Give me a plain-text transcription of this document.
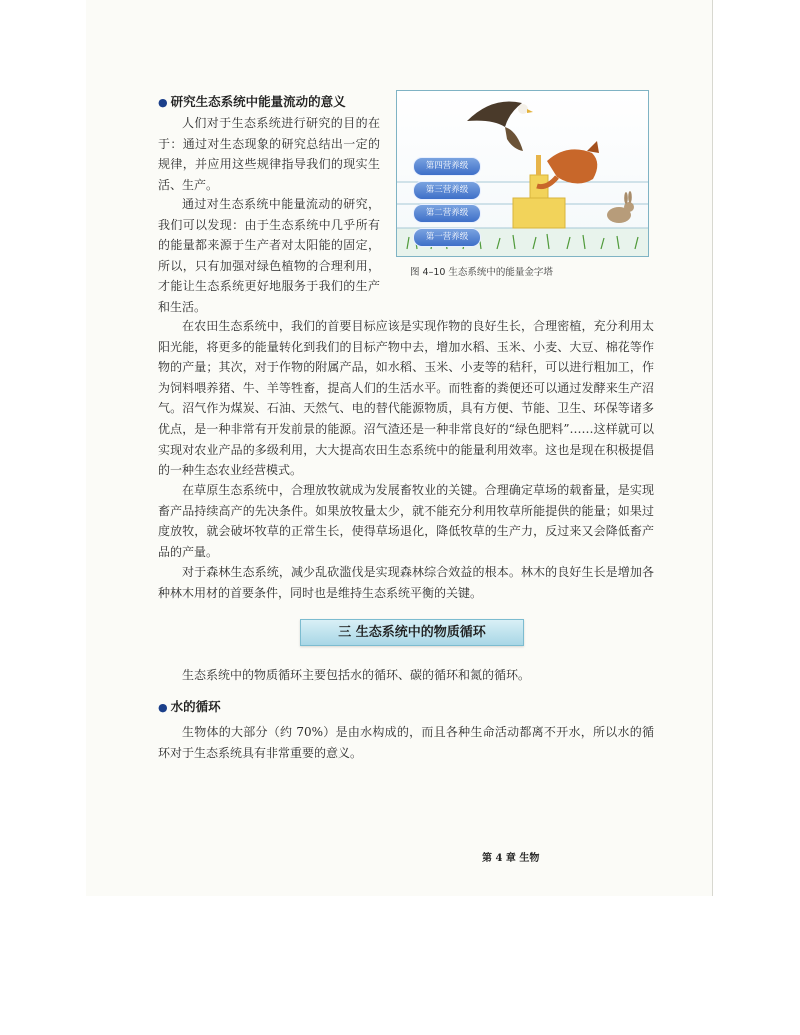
● 研究生态系统中能量流动的意义

人们对于生态系统进行研究的目的在于：通过对生态现象的研究总结出一定的规律，并应用这些规律指导我们的现实生活、生产。

通过对生态系统中能量流动的研究，我们可以发现：由于生态系统中几乎所有的能量都来源于生产者对太阳能的固定，所以，只有加强对绿色植物的合理利用，才能让生态系统更好地服务于我们的生产和生活。

第四营养级
第三营养级
第二营养级
第一营养级
图 4–10 生态系统中的能量金字塔

在农田生态系统中，我们的首要目标应该是实现作物的良好生长，合理密植，充分利用太阳光能，将更多的能量转化到我们的目标产物中去，增加水稻、玉米、小麦、大豆、棉花等作物的产量；其次，对于作物的附属产品，如水稻、玉米、小麦等的秸秆，可以进行粗加工，作为饲料喂养猪、牛、羊等牲畜，提高人们的生活水平。而牲畜的粪便还可以通过发酵来生产沼气。沼气作为煤炭、石油、天然气、电的替代能源物质，具有方便、节能、卫生、环保等诸多优点，是一种非常有开发前景的能源。沼气渣还是一种非常良好的“绿色肥料”……这样就可以实现对农业产品的多级利用，大大提高农田生态系统中的能量利用效率。这也是现在积极提倡的一种生态农业经营模式。

在草原生态系统中，合理放牧就成为发展畜牧业的关键。合理确定草场的载畜量，是实现畜产品持续高产的先决条件。如果放牧量太少，就不能充分利用牧草所能提供的能量；如果过度放牧，就会破坏牧草的正常生长，使得草场退化，降低牧草的生产力，反过来又会降低畜产品的产量。

对于森林生态系统，减少乱砍滥伐是实现森林综合效益的根本。林木的良好生长是增加各种林木用材的首要条件，同时也是维持生态系统平衡的关键。

三 生态系统中的物质循环

生态系统中的物质循环主要包括水的循环、碳的循环和氮的循环。

● 水的循环

生物体的大部分（约 70%）是由水构成的，而且各种生命活动都离不开水，所以水的循环对于生态系统具有非常重要的意义。

第 4 章 生物
